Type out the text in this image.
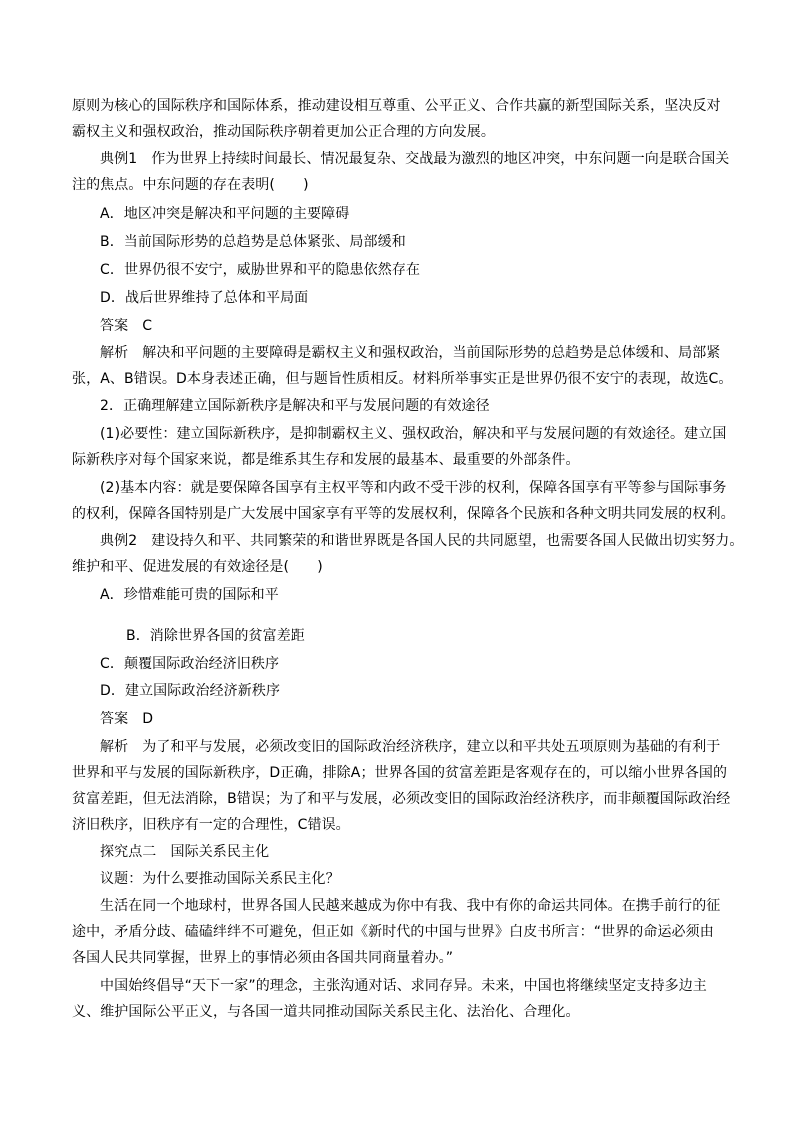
原则为核心的国际秩序和国际体系，推动建设相互尊重、公平正义、合作共赢的新型国际关系，坚决反对
霸权主义和强权政治，推动国际秩序朝着更加公正合理的方向发展。
典例1　作为世界上持续时间最长、情况最复杂、交战最为激烈的地区冲突，中东问题一向是联合国关
注的焦点。中东问题的存在表明(　　)
A．地区冲突是解决和平问题的主要障碍
B．当前国际形势的总趋势是总体紧张、局部缓和
C．世界仍很不安宁，威胁世界和平的隐患依然存在
D．战后世界维持了总体和平局面
答案　C
解析　解决和平问题的主要障碍是霸权主义和强权政治，当前国际形势的总趋势是总体缓和、局部紧
张，A、B错误。D本身表述正确，但与题旨性质相反。材料所举事实正是世界仍很不安宁的表现，故选C。
2．正确理解建立国际新秩序是解决和平与发展问题的有效途径
(1)必要性：建立国际新秩序，是抑制霸权主义、强权政治，解决和平与发展问题的有效途径。建立国
际新秩序对每个国家来说，都是维系其生存和发展的最基本、最重要的外部条件。
(2)基本内容：就是要保障各国享有主权平等和内政不受干涉的权利，保障各国享有平等参与国际事务
的权利，保障各国特别是广大发展中国家享有平等的发展权利，保障各个民族和各种文明共同发展的权利。
典例2　建设持久和平、共同繁荣的和谐世界既是各国人民的共同愿望，也需要各国人民做出切实努力。
维护和平、促进发展的有效途径是(　　)
A．珍惜难能可贵的国际和平
B．消除世界各国的贫富差距
C．颠覆国际政治经济旧秩序
D．建立国际政治经济新秩序
答案　D
解析　为了和平与发展，必须改变旧的国际政治经济秩序，建立以和平共处五项原则为基础的有利于
世界和平与发展的国际新秩序，D正确，排除A；世界各国的贫富差距是客观存在的，可以缩小世界各国的
贫富差距，但无法消除，B错误；为了和平与发展，必须改变旧的国际政治经济秩序，而非颠覆国际政治经
济旧秩序，旧秩序有一定的合理性，C错误。
探究点二　国际关系民主化
议题：为什么要推动国际关系民主化？
生活在同一个地球村，世界各国人民越来越成为你中有我、我中有你的命运共同体。在携手前行的征
途中，矛盾分歧、磕磕绊绊不可避免，但正如《新时代的中国与世界》白皮书所言：“世界的命运必须由
各国人民共同掌握，世界上的事情必须由各国共同商量着办。”
中国始终倡导“天下一家”的理念，主张沟通对话、求同存异。未来，中国也将继续坚定支持多边主
义、维护国际公平正义，与各国一道共同推动国际关系民主化、法治化、合理化。
